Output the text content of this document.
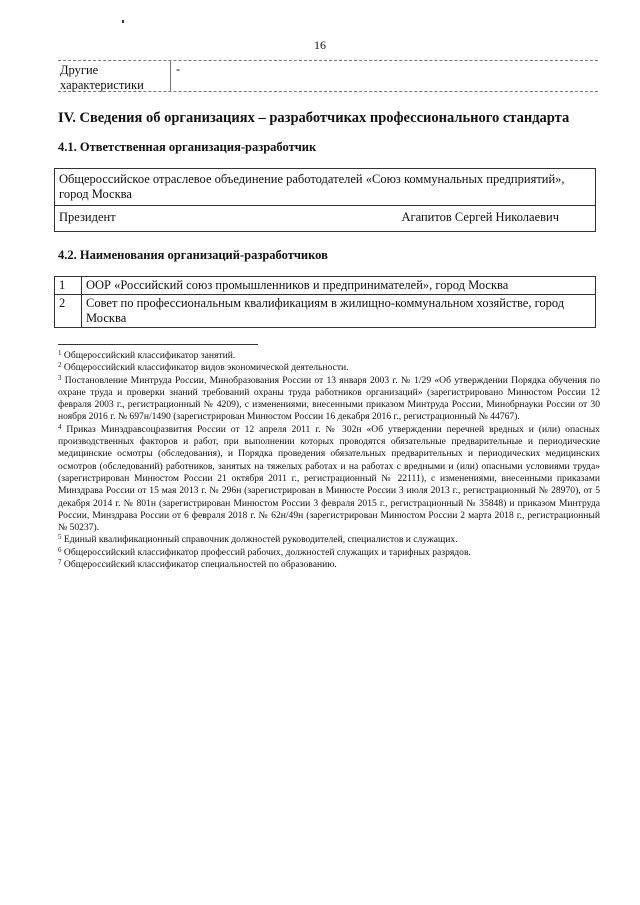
16
Другие характеристики
-
IV. Сведения об организациях – разработчиках профессионального стандарта
4.1. Ответственная организация-разработчик
Общероссийское отраслевое объединение работодателей «Союз коммунальных предприятий», город Москва
Президент	Агапитов Сергей Николаевич
4.2. Наименования организаций-разработчиков
1	ООР «Российский союз промышленников и предпринимателей», город Москва
2	Совет по профессиональным квалификациям в жилищно-коммунальном хозяйстве, город Москва

$^1$ Общероссийский классификатор занятий.

$^2$ Общероссийский классификатор видов экономической деятельности.

$^3$ Постановление Минтруда России, Минобразования России от 13 января 2003 г. № 1/29 «Об утверждении Порядка обучения по охране труда и проверки знаний требований охраны труда работников организаций» (зарегистрировано Минюстом России 12 февраля 2003 г., регистрационный № 4209), с изменениями, внесенными приказом Минтруда России, Минобрнауки России от 30 ноября 2016 г. № 697н/1490 (зарегистрирован Минюстом России 16 декабря 2016 г., регистрационный № 44767).

$^4$ Приказ Минздравсоцразвития России от 12 апреля 2011 г. № 302н «Об утверждении перечней вредных и (или) опасных производственных факторов и работ, при выполнении которых проводятся обязательные предварительные и периодические медицинские осмотры (обследования), и Порядка проведения обязательных предварительных и периодических медицинских осмотров (обследований) работников, занятых на тяжелых работах и на работах с вредными и (или) опасными условиями труда» (зарегистрирован Минюстом России 21 октября 2011 г., регистрационный № 22111), с изменениями, внесенными приказами Минздрава России от 15 мая 2013 г. № 296н (зарегистрирован в Минюсте России 3 июля 2013 г., регистрационный № 28970), от 5 декабря 2014 г. № 801н (зарегистрирован Минюстом России 3 февраля 2015 г., регистрационный № 35848) и приказом Минтруда России, Минздрава России от 6 февраля 2018 г. № 62н/49н (зарегистрирован Минюстом России 2 марта 2018 г., регистрационный № 50237).

$^5$ Единый квалификационный справочник должностей руководителей, специалистов и служащих.

$^6$ Общероссийский классификатор профессий рабочих, должностей служащих и тарифных разрядов.

$^7$ Общероссийский классификатор специальностей по образованию.
